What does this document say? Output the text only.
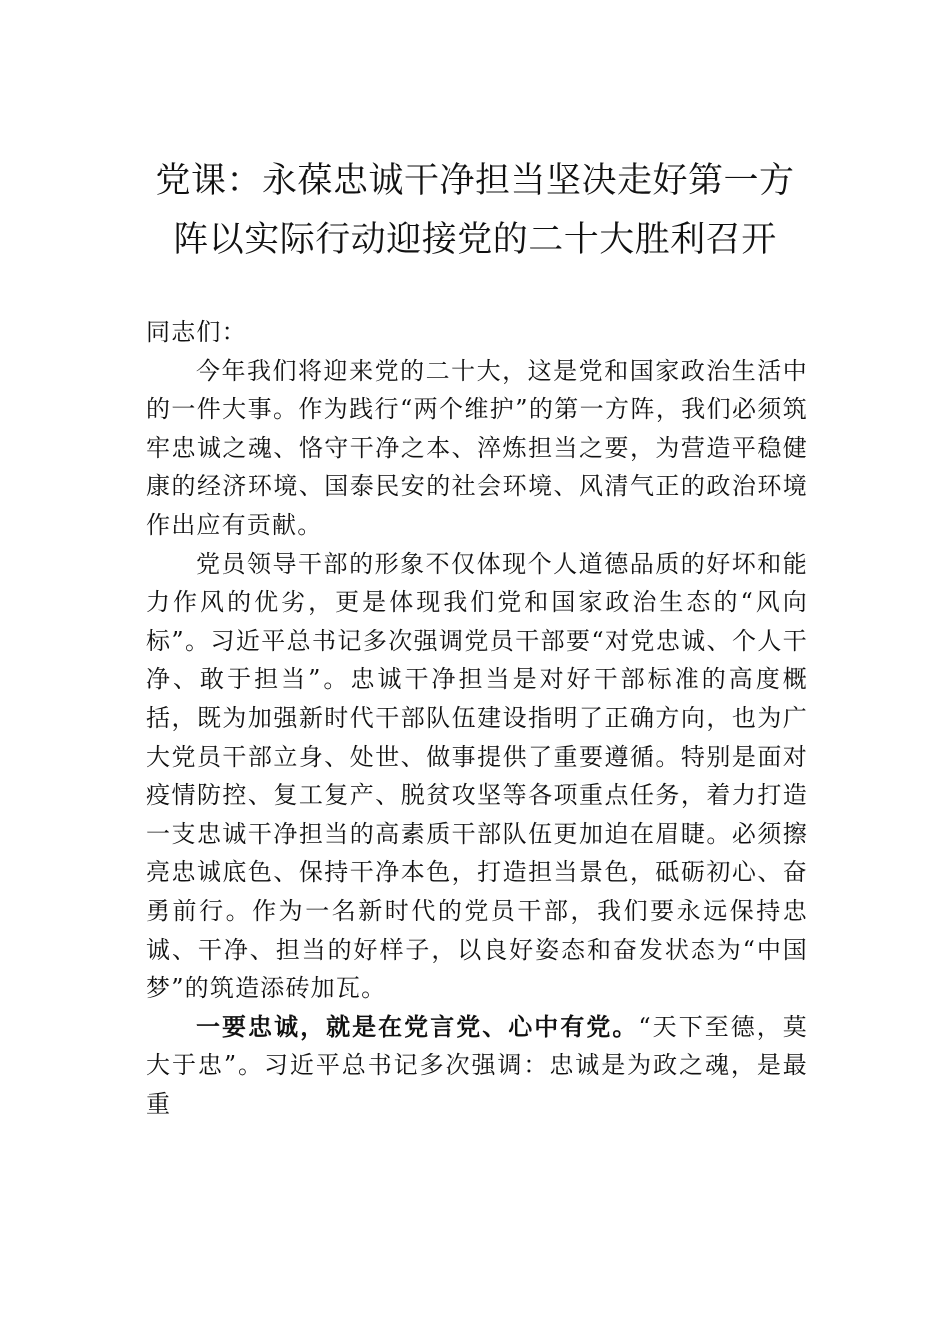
党课：永葆忠诚干净担当坚决走好第一方
阵以实际行动迎接党的二十大胜利召开

同志们：

今年我们将迎来党的二十大，这是党和国家政治生活中的一件大事。作为践行“两个维护”的第一方阵，我们必须筑牢忠诚之魂、恪守干净之本、淬炼担当之要，为营造平稳健康的经济环境、国泰民安的社会环境、风清气正的政治环境作出应有贡献。

党员领导干部的形象不仅体现个人道德品质的好坏和能力作风的优劣，更是体现我们党和国家政治生态的“风向标”。习近平总书记多次强调党员干部要“对党忠诚、个人干净、敢于担当”。忠诚干净担当是对好干部标准的高度概括，既为加强新时代干部队伍建设指明了正确方向，也为广大党员干部立身、处世、做事提供了重要遵循。特别是面对疫情防控、复工复产、脱贫攻坚等各项重点任务，着力打造一支忠诚干净担当的高素质干部队伍更加迫在眉睫。必须擦亮忠诚底色、保持干净本色，打造担当景色，砥砺初心、奋勇前行。作为一名新时代的党员干部，我们要永远保持忠诚、干净、担当的好样子，以良好姿态和奋发状态为“中国梦”的筑造添砖加瓦。

一要忠诚，就是在党言党、心中有党。“天下至德，莫大于忠”。习近平总书记多次强调：忠诚是为政之魂，是最重
